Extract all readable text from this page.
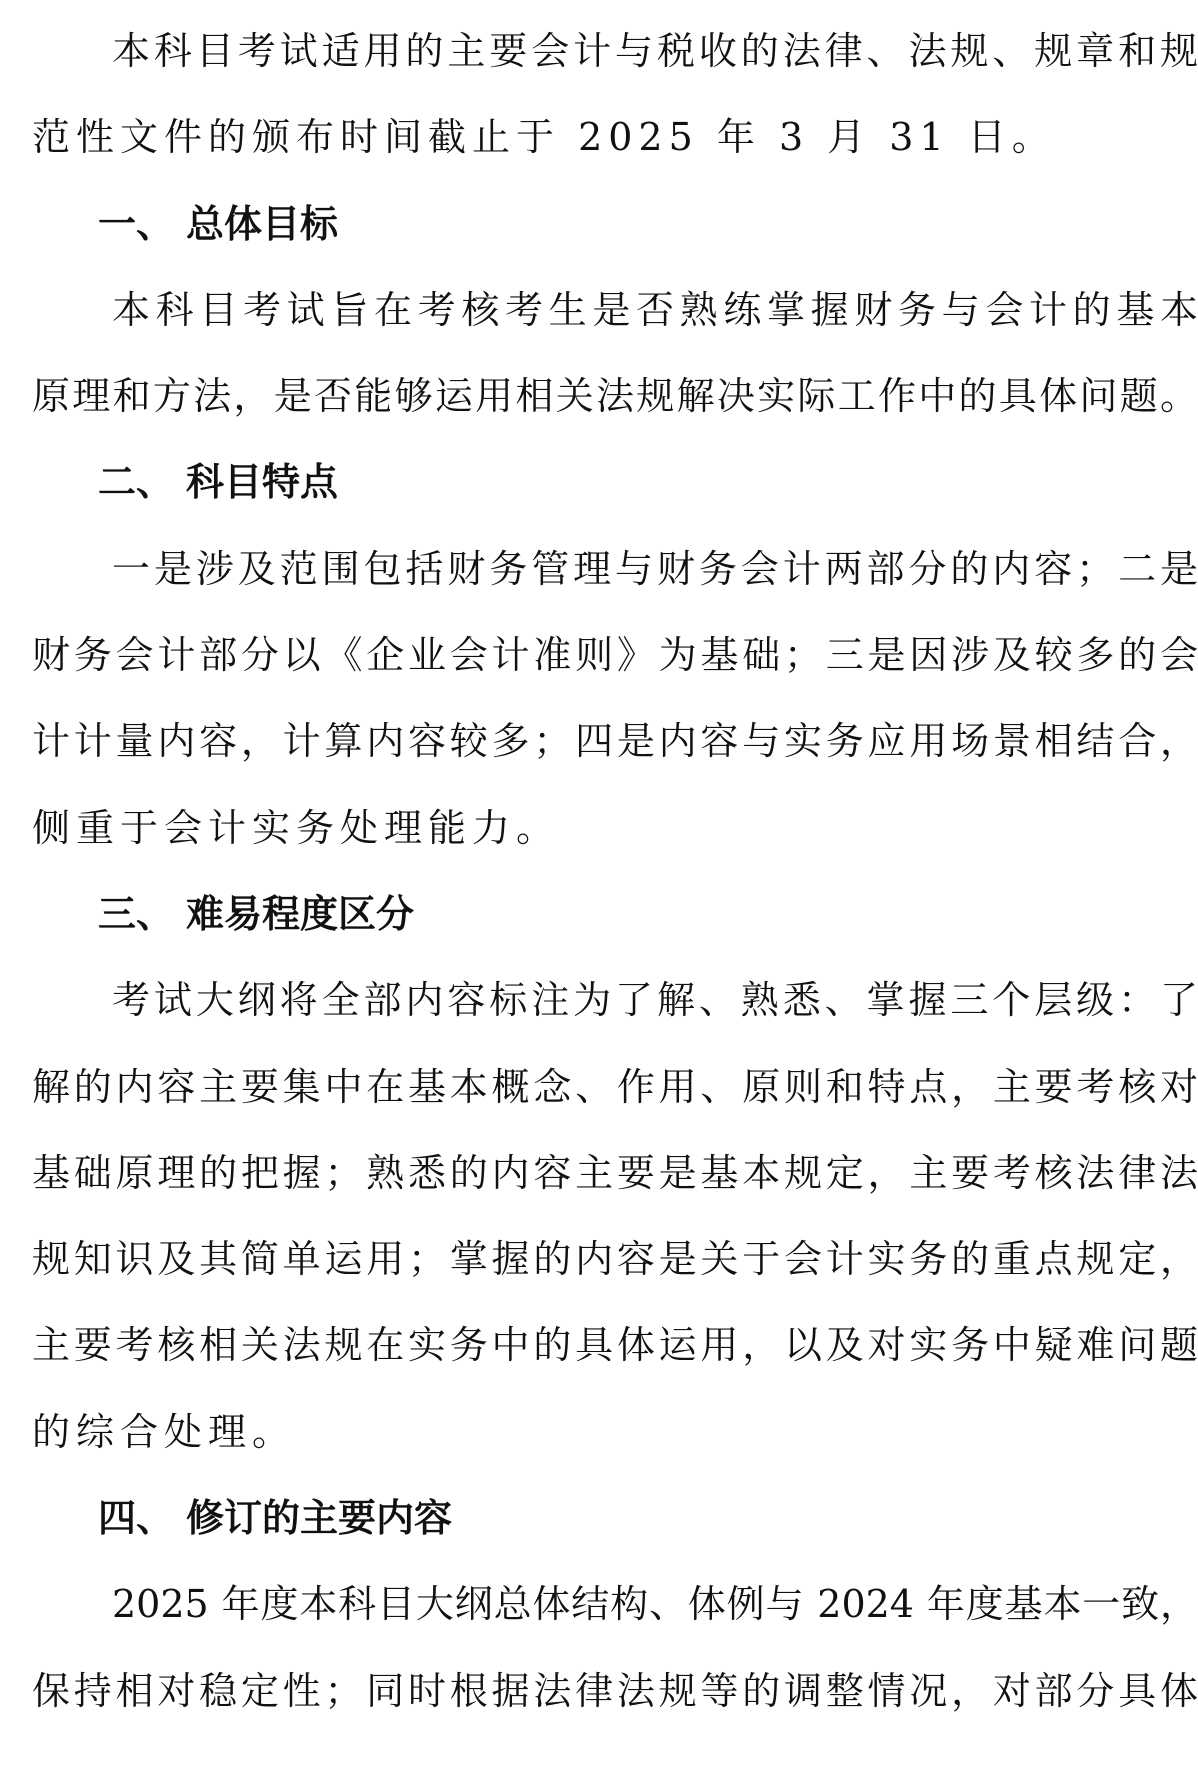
本科目考试适用的主要会计与税收的法律、法规、规章和规
范性文件的颁布时间截止于 2025 年 3 月 31 日。
一、 总体目标
本科目考试旨在考核考生是否熟练掌握财务与会计的基本
原理和方法，是否能够运用相关法规解决实际工作中的具体问题。
二、 科目特点
一是涉及范围包括财务管理与财务会计两部分的内容；二是
财务会计部分以《企业会计准则》为基础；三是因涉及较多的会
计计量内容，计算内容较多；四是内容与实务应用场景相结合，
侧重于会计实务处理能力。
三、 难易程度区分
考试大纲将全部内容标注为了解、熟悉、掌握三个层级：了
解的内容主要集中在基本概念、作用、原则和特点，主要考核对
基础原理的把握；熟悉的内容主要是基本规定，主要考核法律法
规知识及其简单运用；掌握的内容是关于会计实务的重点规定，
主要考核相关法规在实务中的具体运用，以及对实务中疑难问题
的综合处理。
四、 修订的主要内容
2025 年度本科目大纲总体结构、体例与 2024 年度基本一致，
保持相对稳定性；同时根据法律法规等的调整情况，对部分具体
